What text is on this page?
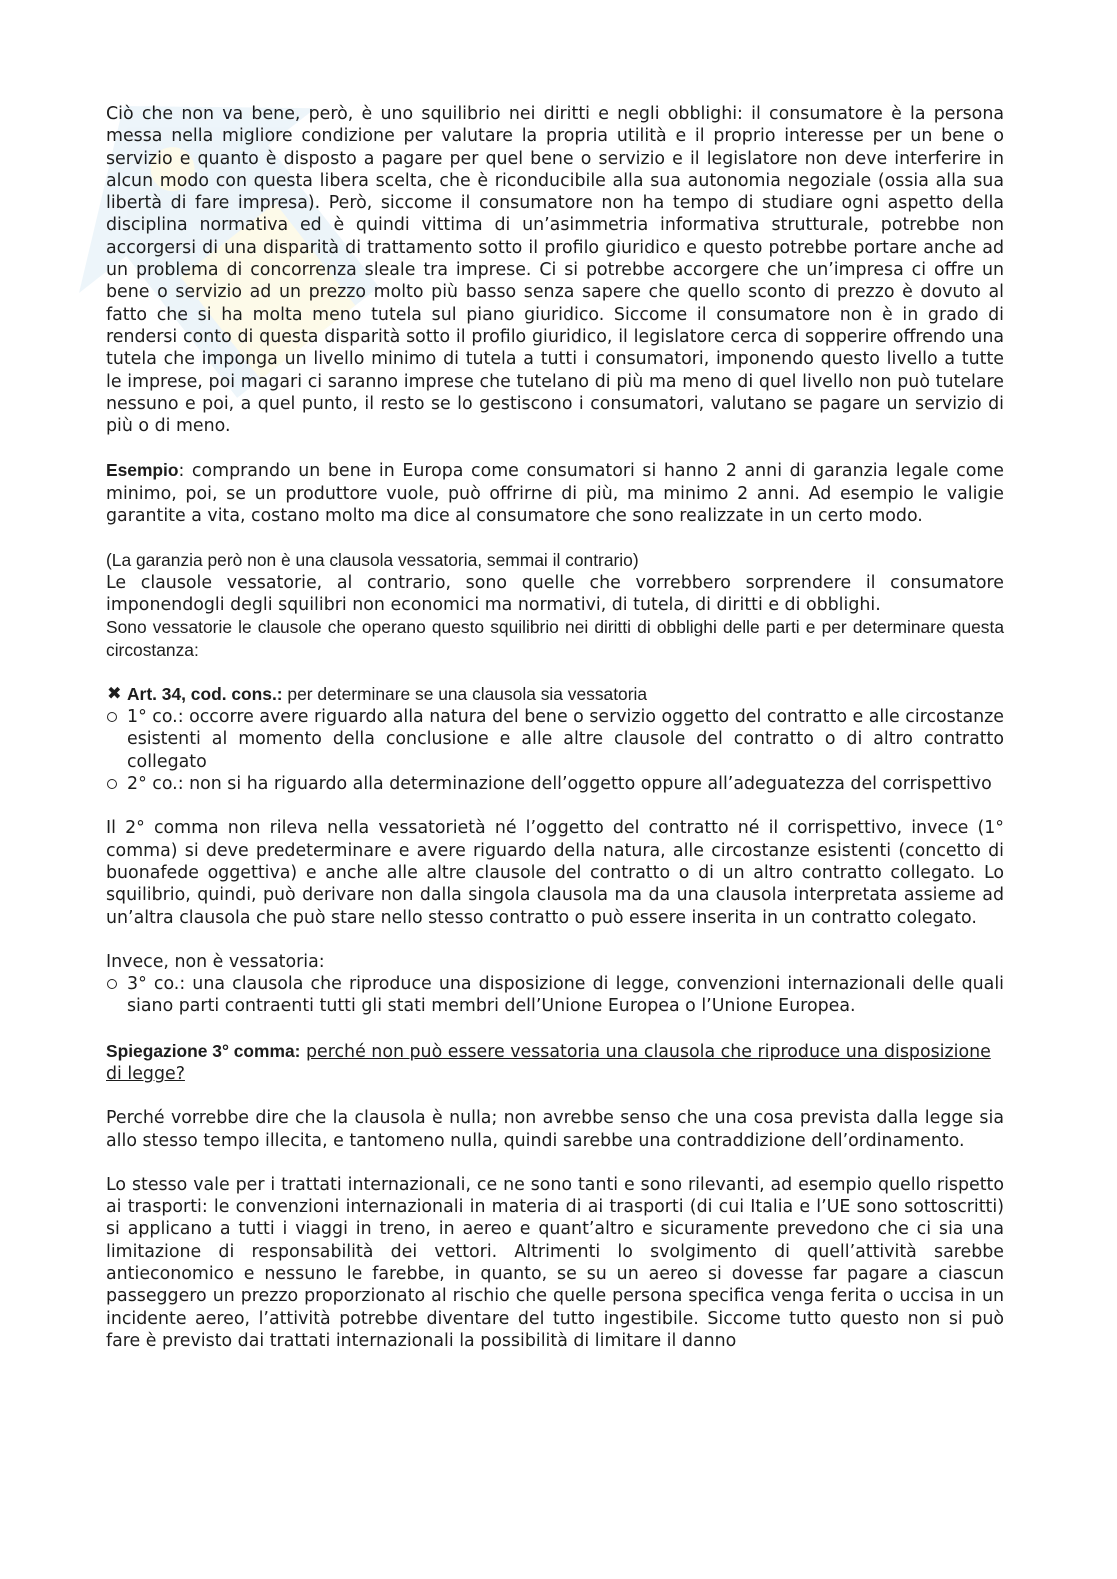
Ciò che non va bene, però, è uno squilibrio nei diritti e negli obblighi: il consumatore è la persona messa nella migliore condizione per valutare la propria utilità e il proprio interesse per un bene o servizio e quanto è disposto a pagare per quel bene o servizio e il legislatore non deve interferire in alcun modo con questa libera scelta, che è riconducibile alla sua autonomia negoziale (ossia alla sua libertà di fare impresa). Però, siccome il consumatore non ha tempo di studiare ogni aspetto della disciplina normativa ed è quindi vittima di un’asimmetria informativa strutturale, potrebbe non accorgersi di una disparità di trattamento sotto il profilo giuridico e questo potrebbe portare anche ad un problema di concorrenza sleale tra imprese. Ci si potrebbe accorgere che un’impresa ci offre un bene o servizio ad un prezzo molto più basso senza sapere che quello sconto di prezzo è dovuto al fatto che si ha molta meno tutela sul piano giuridico. Siccome il consumatore non è in grado di rendersi conto di questa disparità sotto il profilo giuridico, il legislatore cerca di sopperire offrendo una tutela che imponga un livello minimo di tutela a tutti i consumatori, imponendo questo livello a tutte le imprese, poi magari ci saranno imprese che tutelano di più ma meno di quel livello non può tutelare nessuno e poi, a quel punto, il resto se lo gestiscono i consumatori, valutano se pagare un servizio di più o di meno.

Esempio: comprando un bene in Europa come consumatori si hanno 2 anni di garanzia legale come minimo, poi, se un produttore vuole, può offrirne di più, ma minimo 2 anni. Ad esempio le valigie garantite a vita, costano molto ma dice al consumatore che sono realizzate in un certo modo.

(La garanzia però non è una clausola vessatoria, semmai il contrario)

Le clausole vessatorie, al contrario, sono quelle che vorrebbero sorprendere il consumatore imponendogli degli squilibri non economici ma normativi, di tutela, di diritti e di obblighi.

Sono vessatorie le clausole che operano questo squilibrio nei diritti di obblighi delle parti e per determinare questa circostanza:

✖ Art. 34, cod. cons.: per determinare se una clausola sia vessatoria
1° co.: occorre avere riguardo alla natura del bene o servizio oggetto del contratto e alle circostanze esistenti al momento della conclusione e alle altre clausole del contratto o di altro contratto collegato
2° co.: non si ha riguardo alla determinazione dell’oggetto oppure all’adeguatezza del corrispettivo

Il 2° comma non rileva nella vessatorietà né l’oggetto del contratto né il corrispettivo, invece (1° comma) si deve predeterminare e avere riguardo della natura, alle circostanze esistenti (concetto di buonafede oggettiva) e anche alle altre clausole del contratto o di un altro contratto collegato. Lo squilibrio, quindi, può derivare non dalla singola clausola ma da una clausola interpretata assieme ad un’altra clausola che può stare nello stesso contratto o può essere inserita in un contratto colegato.

Invece, non è vessatoria:

3° co.: una clausola che riproduce una disposizione di legge, convenzioni internazionali delle quali siano parti contraenti tutti gli stati membri dell’Unione Europea o l’Unione Europea.

Spiegazione 3° comma: perché non può essere vessatoria una clausola che riproduce una disposizione di legge?

Perché vorrebbe dire che la clausola è nulla; non avrebbe senso che una cosa prevista dalla legge sia allo stesso tempo illecita, e tantomeno nulla, quindi sarebbe una contraddizione dell’ordinamento.

Lo stesso vale per i trattati internazionali, ce ne sono tanti e sono rilevanti, ad esempio quello rispetto ai trasporti: le convenzioni internazionali in materia di ai trasporti (di cui Italia e l’UE sono sottoscritti) si applicano a tutti i viaggi in treno, in aereo e quant’altro e sicuramente prevedono che ci sia una limitazione di responsabilità dei vettori. Altrimenti lo svolgimento di quell’attività sarebbe antieconomico e nessuno le farebbe, in quanto, se su un aereo si dovesse far pagare a ciascun passeggero un prezzo proporzionato al rischio che quelle persona specifica venga ferita o uccisa in un incidente aereo, l’attività potrebbe diventare del tutto ingestibile. Siccome tutto questo non si può fare è previsto dai trattati internazionali la possibilità di limitare il danno
